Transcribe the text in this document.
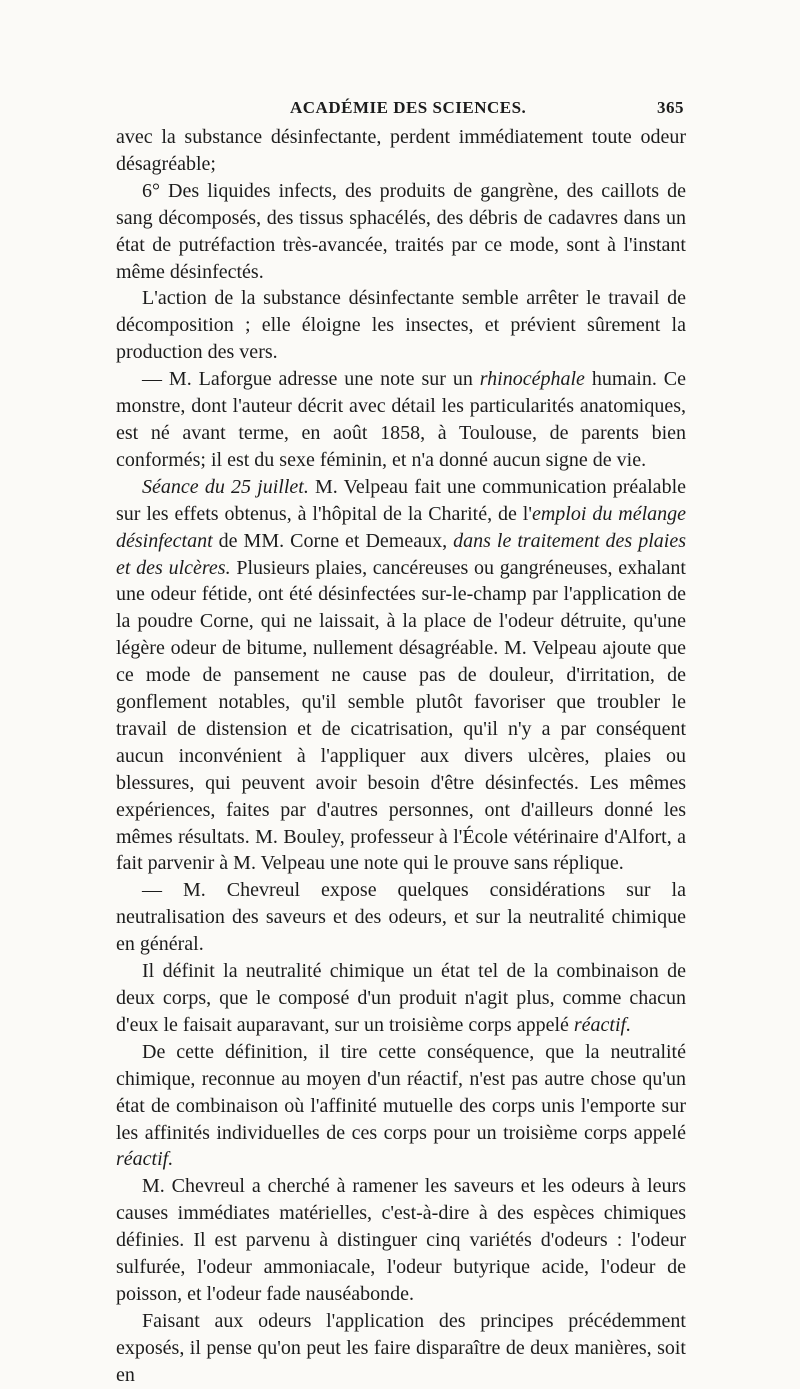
ACADÉMIE DES SCIENCES.	365

avec la substance désinfectante, perdent immédiatement toute odeur désagréable;

6° Des liquides infects, des produits de gangrène, des caillots de sang décomposés, des tissus sphacélés, des débris de cadavres dans un état de putréfaction très-avancée, traités par ce mode, sont à l'instant même désinfectés.

L'action de la substance désinfectante semble arrêter le travail de décomposition ; elle éloigne les insectes, et prévient sûrement la production des vers.

— M. Laforgue adresse une note sur un rhinocéphale humain. Ce monstre, dont l'auteur décrit avec détail les particularités anatomiques, est né avant terme, en août 1858, à Toulouse, de parents bien conformés; il est du sexe féminin, et n'a donné aucun signe de vie.

Séance du 25 juillet. M. Velpeau fait une communication préalable sur les effets obtenus, à l'hôpital de la Charité, de l'emploi du mélange désinfectant de MM. Corne et Demeaux, dans le traitement des plaies et des ulcères. Plusieurs plaies, cancéreuses ou gangréneuses, exhalant une odeur fétide, ont été désinfectées sur-le-champ par l'application de la poudre Corne, qui ne laissait, à la place de l'odeur détruite, qu'une légère odeur de bitume, nullement désagréable. M. Velpeau ajoute que ce mode de pansement ne cause pas de douleur, d'irritation, de gonflement notables, qu'il semble plutôt favoriser que troubler le travail de distension et de cicatrisation, qu'il n'y a par conséquent aucun inconvénient à l'appliquer aux divers ulcères, plaies ou blessures, qui peuvent avoir besoin d'être désinfectés. Les mêmes expériences, faites par d'autres personnes, ont d'ailleurs donné les mêmes résultats. M. Bouley, professeur à l'École vétérinaire d'Alfort, a fait parvenir à M. Velpeau une note qui le prouve sans réplique.

— M. Chevreul expose quelques considérations sur la neutralisation des saveurs et des odeurs, et sur la neutralité chimique en général.

Il définit la neutralité chimique un état tel de la combinaison de deux corps, que le composé d'un produit n'agit plus, comme chacun d'eux le faisait auparavant, sur un troisième corps appelé réactif.

De cette définition, il tire cette conséquence, que la neutralité chimique, reconnue au moyen d'un réactif, n'est pas autre chose qu'un état de combinaison où l'affinité mutuelle des corps unis l'emporte sur les affinités individuelles de ces corps pour un troisième corps appelé réactif.

M. Chevreul a cherché à ramener les saveurs et les odeurs à leurs causes immédiates matérielles, c'est-à-dire à des espèces chimiques définies. Il est parvenu à distinguer cinq variétés d'odeurs : l'odeur sulfurée, l'odeur ammoniacale, l'odeur butyrique acide, l'odeur de poisson, et l'odeur fade nauséabonde.

Faisant aux odeurs l'application des principes précédemment exposés, il pense qu'on peut les faire disparaître de deux manières, soit en
